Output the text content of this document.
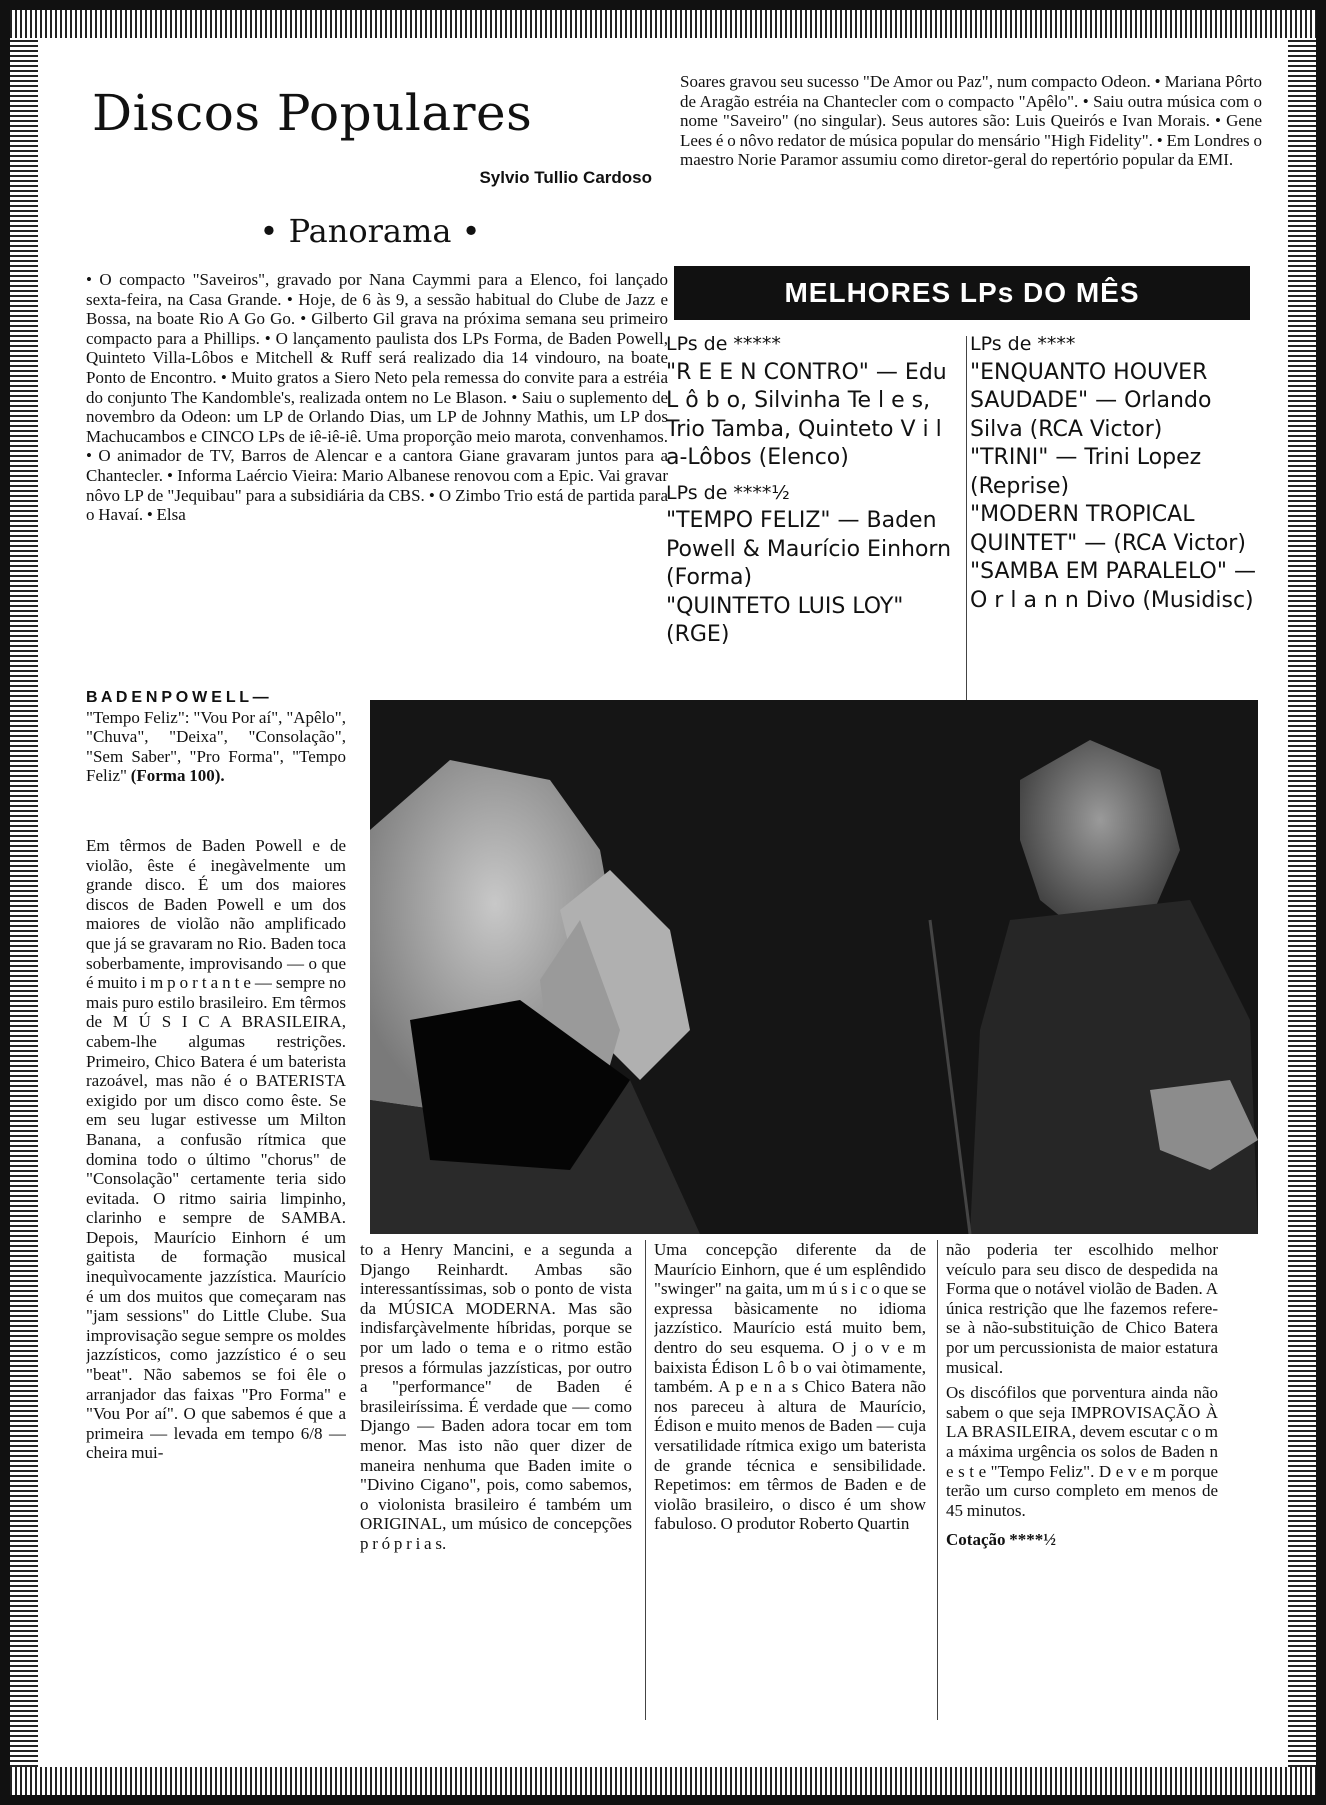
Discos Populares
Sylvio Tullio Cardoso
• Panorama •
• O compacto "Saveiros", gravado por Nana Caymmi para a Elenco, foi lançado sexta-feira, na Casa Grande. • Hoje, de 6 às 9, a sessão habitual do Clube de Jazz e Bossa, na boate Rio A Go Go. • Gilberto Gil grava na próxima semana seu primeiro compacto para a Phillips. • O lançamento paulista dos LPs Forma, de Baden Powell, Quinteto Villa-Lôbos e Mitchell & Ruff será realizado dia 14 vindouro, na boate Ponto de Encontro. • Muito gratos a Siero Neto pela remessa do convite para a estréia do conjunto The Kandomble's, realizada ontem no Le Blason. • Saiu o suplemento de novembro da Odeon: um LP de Orlando Dias, um LP de Johnny Mathis, um LP dos Machucambos e CINCO LPs de iê-iê-iê. Uma proporção meio marota, convenhamos. • O animador de TV, Barros de Alencar e a cantora Giane gravaram juntos para a Chantecler. • Informa Laércio Vieira: Mario Albanese renovou com a Epic. Vai gravar nôvo LP de "Jequibau" para a subsidiária da CBS. • O Zimbo Trio está de partida para o Havaí. • Elsa
Soares gravou seu sucesso "De Amor ou Paz", num compacto Odeon. • Mariana Pôrto de Aragão estréia na Chantecler com o compacto "Apêlo". • Saiu outra música com o nome "Saveiro" (no singular). Seus autores são: Luis Queirós e Ivan Morais. • Gene Lees é o nôvo redator de música popular do mensário "High Fidelity". • Em Londres o maestro Norie Paramor assumiu como diretor-geral do repertório popular da EMI.
MELHORES LPs DO MÊS
LPs de *****
"R E E N CONTRO" — Edu L ô b o, Silvinha Te l e s, Trio Tamba, Quinteto V i l a-Lôbos (Elenco)
LPs de ****½
"TEMPO FELIZ" — Baden Powell & Maurício Einhorn (Forma)
"QUINTETO LUIS LOY" (RGE)
LPs de ****
"ENQUANTO HOUVER SAUDADE" — Orlando Silva (RCA Victor)
"TRINI" — Trini Lopez (Reprise)
"MODERN TROPICAL QUINTET" — (RCA Victor)
"SAMBA EM PARALELO" — O r l a n n Divo (Musidisc)
B A D E N P O W E L L —
"Tempo Feliz": "Vou Por aí", "Apêlo", "Chuva", "Deixa", "Consolação", "Sem Saber", "Pro Forma", "Tempo Feliz" (Forma 100).
Em têrmos de Baden Powell e de violão, êste é inegàvelmente um grande disco. É um dos maiores discos de Baden Powell e um dos maiores de violão não amplificado que já se gravaram no Rio. Baden toca soberbamente, improvisando — o que é muito i m p o r t a n t e — sempre no mais puro estilo brasileiro. Em têrmos de M Ú S I C A BRASILEIRA, cabem-lhe algumas restrições. Primeiro, Chico Batera é um baterista razoável, mas não é o BATERISTA exigido por um disco como êste. Se em seu lugar estivesse um Milton Banana, a confusão rítmica que domina todo o último "chorus" de "Consolação" certamente teria sido evitada. O ritmo sairia limpinho, clarinho e sempre de SAMBA. Depois, Maurício Einhorn é um gaitista de formação musical inequìvocamente jazzística. Maurício é um dos muitos que começaram nas "jam sessions" do Little Clube. Sua improvisação segue sempre os moldes jazzísticos, como jazzístico é o seu "beat". Não sabemos se foi êle o arranjador das faixas "Pro Forma" e "Vou Por aí". O que sabemos é que a primeira — levada em tempo 6/8 — cheira mui-
to a Henry Mancini, e a segunda a Django Reinhardt. Ambas são interessantíssimas, sob o ponto de vista da MÚSICA MODERNA. Mas são indisfarçàvelmente híbridas, porque se por um lado o tema e o ritmo estão presos a fórmulas jazzísticas, por outro a "performance" de Baden é brasileiríssima. É verdade que — como Django — Baden adora tocar em tom menor. Mas isto não quer dizer de maneira nenhuma que Baden imite o "Divino Cigano", pois, como sabemos, o violonista brasileiro é também um ORIGINAL, um músico de concepções p r ó p r i a s.
Uma concepção diferente da de Maurício Einhorn, que é um esplêndido "swinger" na gaita, um m ú s i c o que se expressa bàsicamente no idioma jazzístico. Maurício está muito bem, dentro do seu esquema. O j o v e m baixista Édison L ô b o vai òtimamente, também. A p e n a s Chico Batera não nos pareceu à altura de Maurício, Édison e muito menos de Baden — cuja versatilidade rítmica exigo um baterista de grande técnica e sensibilidade. Repetimos: em têrmos de Baden e de violão brasileiro, o disco é um show fabuloso. O produtor Roberto Quartin
não poderia ter escolhido melhor veículo para seu disco de despedida na Forma que o notável violão de Baden. A única restrição que lhe fazemos refere-se à não-substituição de Chico Batera por um percussionista de maior estatura musical.
Os discófilos que porventura ainda não sabem o que seja IMPROVISAÇÃO À LA BRASILEIRA, devem escutar c o m a máxima urgência os solos de Baden n e s t e "Tempo Feliz". D e v e m porque terão um curso completo em menos de 45 minutos.
Cotação ****½
